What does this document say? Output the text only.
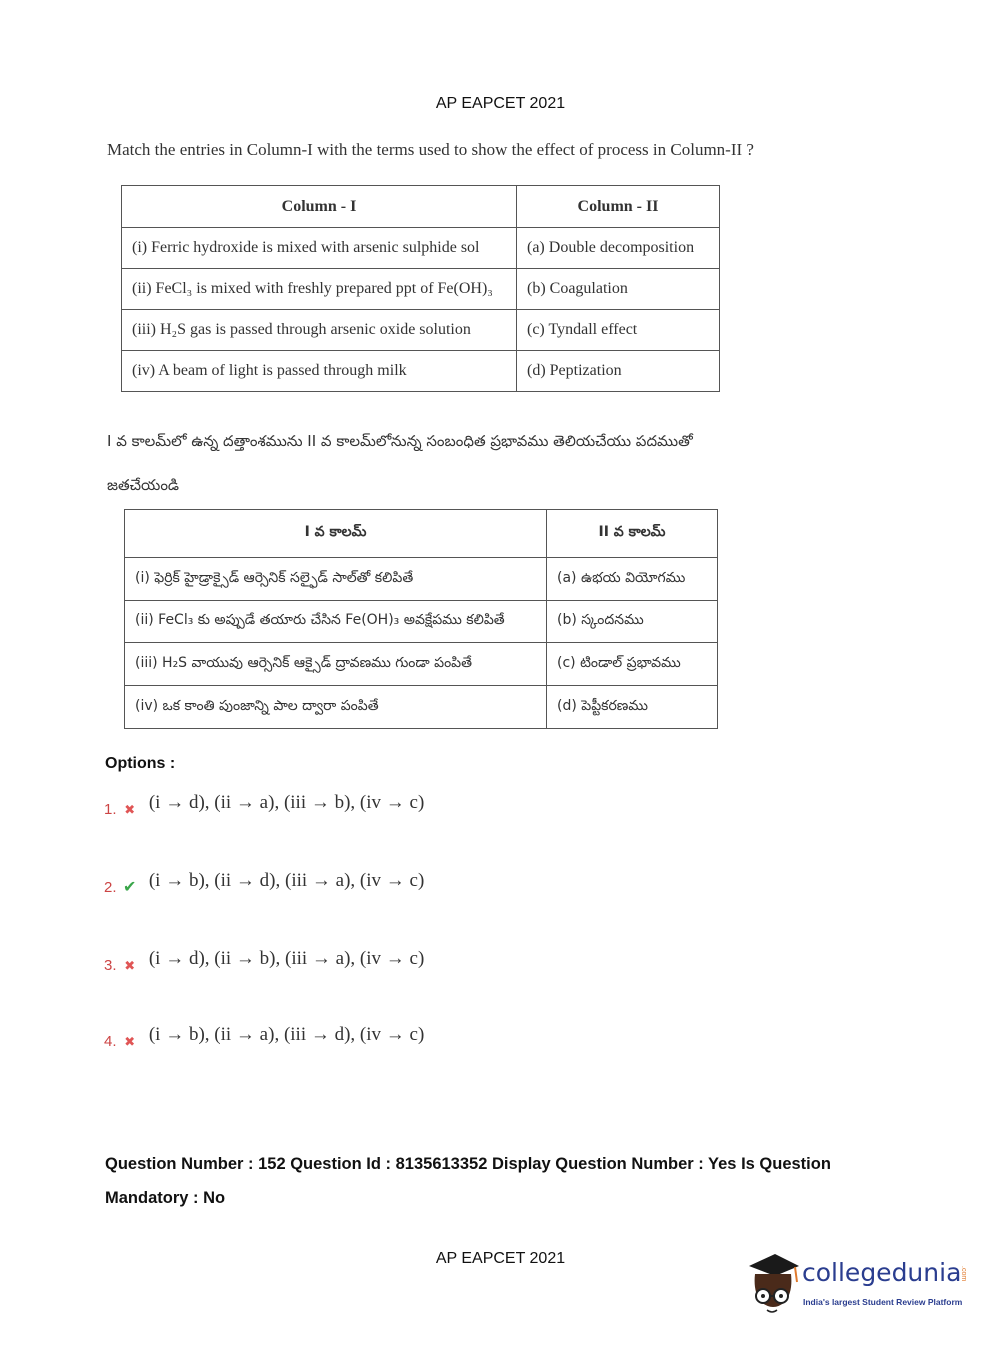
AP EAPCET 2021
Match the entries in Column-I with the terms used to show the effect of process in Column-II ?
Column - I	Column - II
(i) Ferric hydroxide is mixed with arsenic sulphide sol	(a) Double decomposition
(ii) FeCl₃ is mixed with freshly prepared ppt of Fe(OH)₃	(b) Coagulation
(iii) H₂S gas is passed through arsenic oxide solution	(c) Tyndall effect
(iv) A beam of light is passed through milk	(d) Peptization
I వ కాలమ్‌లో ఉన్న దత్తాంశమును II వ కాలమ్‌లోనున్న సంబంధిత ప్రభావము తెలియచేయు పదముతో
జతచేయండి
I వ కాలమ్	II వ కాలమ్
(i) ఫెర్రిక్ హైడ్రాక్సైడ్ ఆర్సెనిక్ సల్ఫైడ్ సాల్‌తో కలిపితే	(a) ఉభయ వియోగము
(ii) FeCl₃ కు అప్పుడే తయారు చేసిన Fe(OH)₃ అవక్షేపము కలిపితే	(b) స్కందనము
(iii) H₂S వాయువు ఆర్సెనిక్ ఆక్సైడ్ ద్రావణము గుండా పంపితే	(c) టిండాల్ ప్రభావము
(iv) ఒక కాంతి పుంజాన్ని పాల ద్వారా పంపితే	(d) పెప్టీకరణము
Options :
1. ✖ (i → d), (ii → a), (iii → b), (iv → c)
2. ✔ (i → b), (ii → d), (iii → a), (iv → c)
3. ✖ (i → d), (ii → b), (iii → a), (iv → c)
4. ✖ (i → b), (ii → a), (iii → d), (iv → c)
Question Number : 152 Question Id : 8135613352 Display Question Number : Yes Is Question
Mandatory : No
AP EAPCET 2021	collegedunia
.com
India's largest Student Review Platform
